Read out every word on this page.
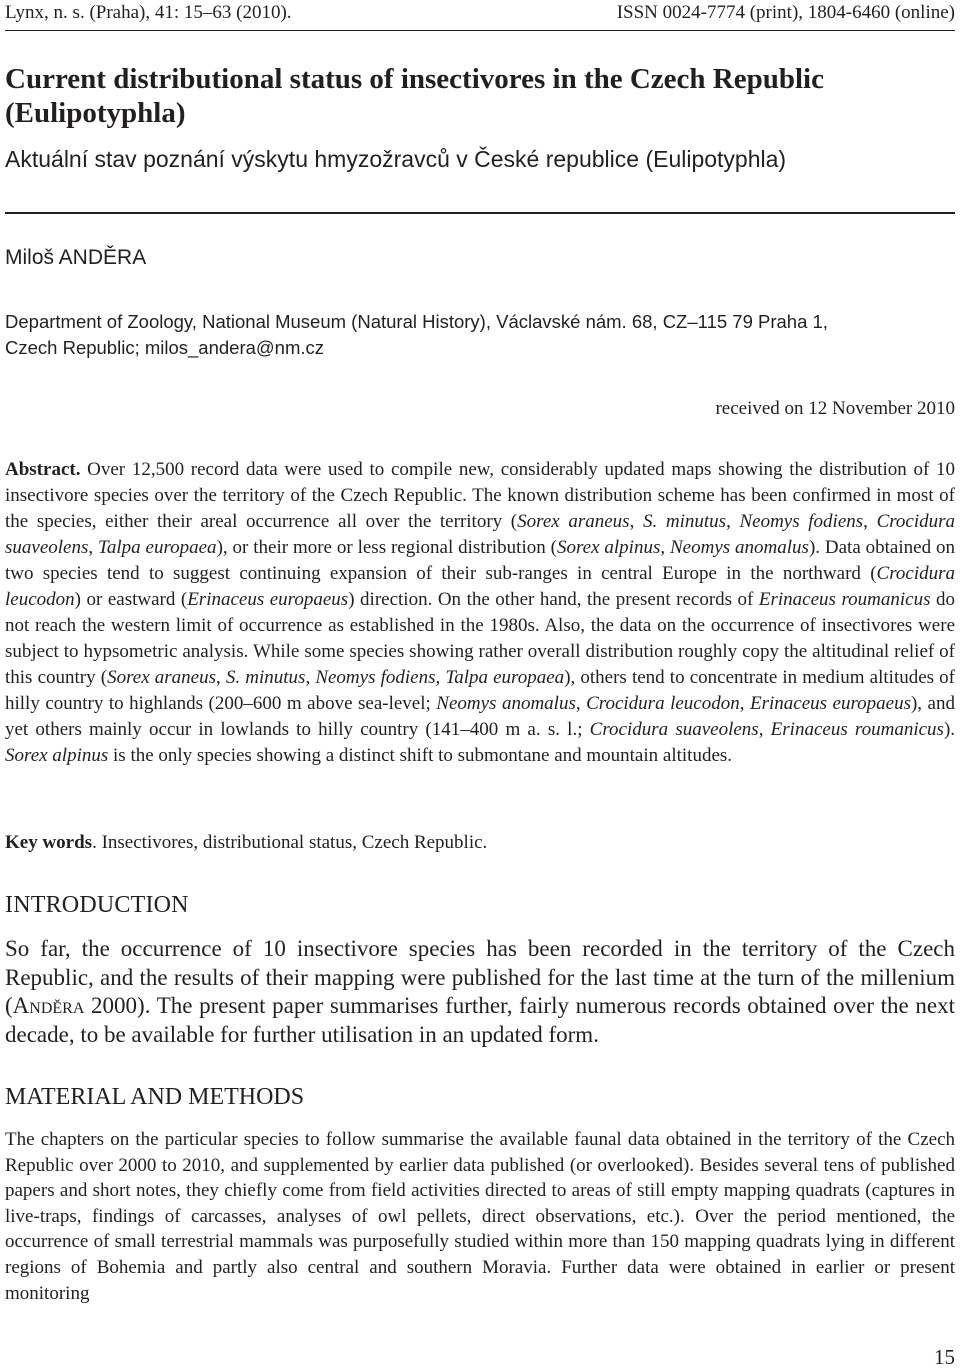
Lynx, n. s. (Praha), 41: 15–63 (2010).	ISSN 0024-7774 (print), 1804-6460 (online)
Current distributional status of insectivores in the Czech Republic (Eulipotyphla)
Aktuální stav poznání výskytu hmyzožravců v České republice (Eulipotyphla)
Miloš ANDĚRA
Department of Zoology, National Museum (Natural History), Václavské nám. 68, CZ–115 79 Praha 1,
Czech Republic; milos_andera@nm.cz
received on 12 November 2010
Abstract. Over 12,500 record data were used to compile new, considerably updated maps showing the distribution of 10 insectivore species over the territory of the Czech Republic. The known distribution scheme has been confirmed in most of the species, either their areal occurrence all over the territory (Sorex araneus, S. minutus, Neomys fodiens, Crocidura suaveolens, Talpa europaea), or their more or less regional distribution (Sorex alpinus, Neomys anomalus). Data obtained on two species tend to suggest continuing expansion of their sub-ranges in central Europe in the northward (Crocidura leucodon) or eastward (Erinaceus europaeus) direction. On the other hand, the present records of Erinaceus roumanicus do not reach the western limit of occurrence as established in the 1980s. Also, the data on the occurrence of insectivores were subject to hypsometric analysis. While some species showing rather overall distribution roughly copy the altitudinal relief of this country (Sorex araneus, S. minutus, Neomys fodiens, Talpa europaea), others tend to concentrate in medium altitudes of hilly country to highlands (200–600 m above sea-level; Neomys anomalus, Crocidura leucodon, Erinaceus europaeus), and yet others mainly occur in lowlands to hilly country (141–400 m a. s. l.; Crocidura suaveolens, Erinaceus roumanicus). Sorex alpinus is the only species showing a distinct shift to submontane and mountain altitudes.
Key words. Insectivores, distributional status, Czech Republic.
INTRODUCTION
So far, the occurrence of 10 insectivore species has been recorded in the territory of the Czech Republic, and the results of their mapping were published for the last time at the turn of the millenium (Anděra 2000). The present paper summarises further, fairly numerous records obtained over the next decade, to be available for further utilisation in an updated form.
MATERIAL AND METHODS
The chapters on the particular species to follow summarise the available faunal data obtained in the territory of the Czech Republic over 2000 to 2010, and supplemented by earlier data published (or overlooked). Besides several tens of published papers and short notes, they chiefly come from field activities directed to areas of still empty mapping quadrats (captures in live-traps, findings of carcasses, analyses of owl pellets, direct observations, etc.). Over the period mentioned, the occurrence of small terrestrial mammals was purposefully studied within more than 150 mapping quadrats lying in different regions of Bohemia and partly also central and southern Moravia. Further data were obtained in earlier or present monitoring
15
